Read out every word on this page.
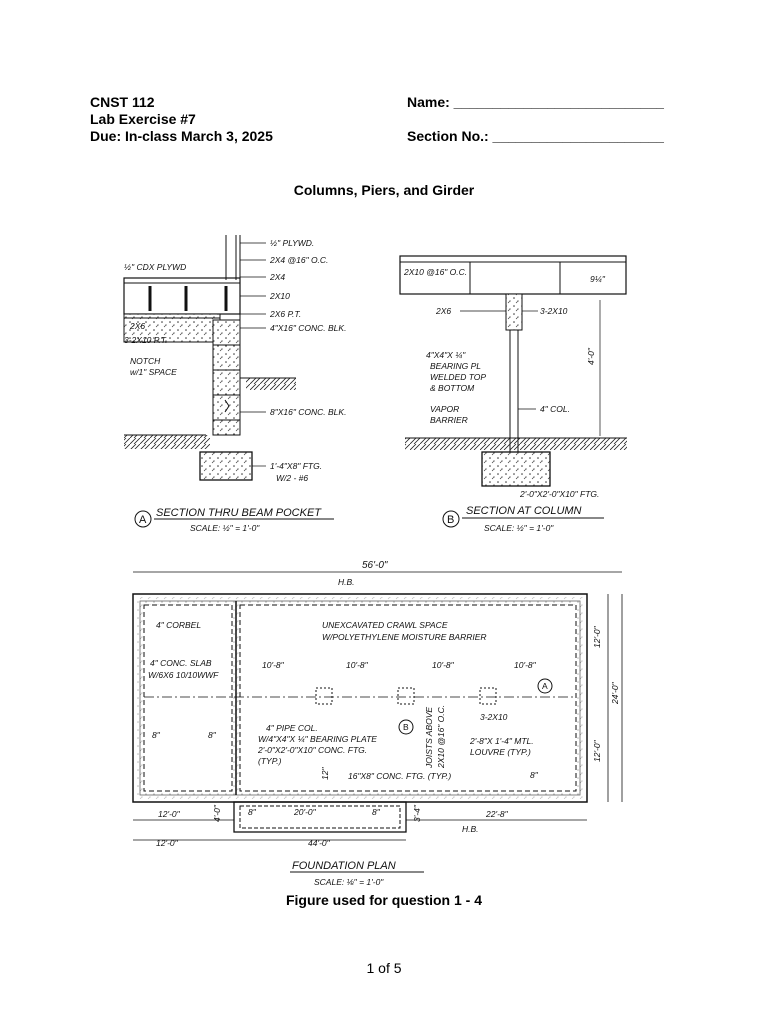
CNST 112
Lab Exercise #7
Due: In-class March 3, 2025
Name: ___________________________
Section No.: ______________________
Columns, Piers, and Girder
½" PLYWD.
2X4 @16" O.C.
2X4
2X10
2X6 P.T.
4"X16" CONC. BLK.
½" CDX PLYWD
2X6
3-2X10 P.T.
NOTCH
w/1" SPACE
8"X16" CONC. BLK.
1'-4"X8" FTG.
W/2 - #6
A
SECTION THRU BEAM POCKET
SCALE: ½" = 1'-0"
2X10 @16" O.C.
9¼"
2X6	3-2X10
4"X4"X ¼"
BEARING PL
WELDED TOP
& BOTTOM
4'-0"
4" COL.
VAPOR
BARRIER
2'-0"X2'-0"X10" FTG.
B
SECTION AT COLUMN
SCALE: ½" = 1'-0"
56'-0"
H.B.
4" CORBEL	UNEXCAVATED CRAWL SPACE
W/POLYETHYLENE MOISTURE BARRIER
4" CONC. SLAB
W/6X6 10/10WWF
10'-8"	10'-8"	10'-8"	10'-8"
12'-0"
24'-0"
12'-0"
A
B
8"	8"
4" PIPE COL.
W/4"X4"X ¼" BEARING PLATE
2'-0"X2'-0"X10" CONC. FTG.
(TYP.)	JOISTS ABOVE 2X10 @16" O.C.	3-2X10
2'-8"X 1'-4" MTL.
LOUVRE (TYP.)
12" 16"X8" CONC. FTG. (TYP.)	8"
12'-0"	8"	20'-0"	8"
4'-0"	3'-4"	22'-8"
H.B.
12'-0"	44'-0"
FOUNDATION PLAN
SCALE: ⅛" = 1'-0"
Figure used for question 1 - 4
1 of 5
